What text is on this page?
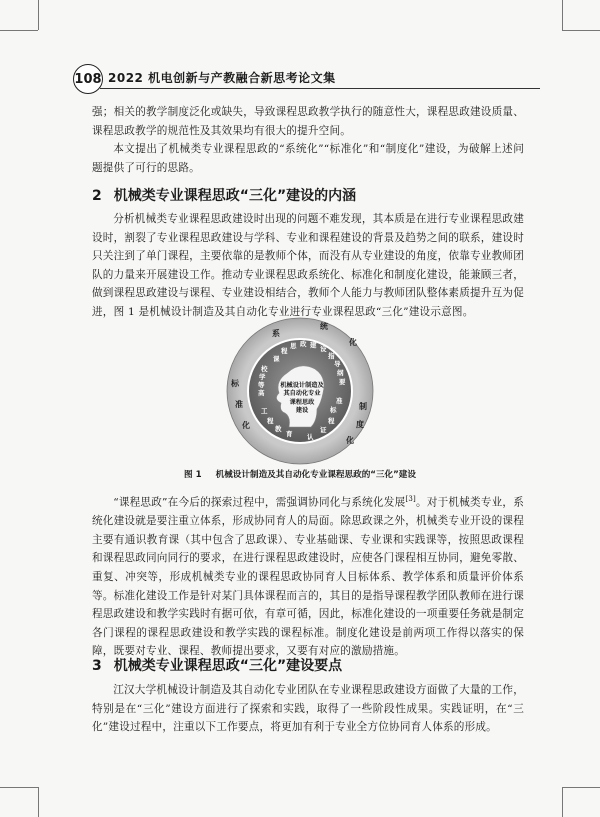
108 2022 机电创新与产教融合新思考论文集
强；相关的教学制度泛化或缺失，导致课程思政教学执行的随意性大，课程思政建设质量、课程思政教学的规范性及其效果均有很大的提升空间。
本文提出了机械类专业课程思政的“系统化”“标准化”和“制度化”建设，为破解上述问题提供了可行的思路。
2 机械类专业课程思政“三化”建设的内涵
分析机械类专业课程思政建设时出现的问题不难发现，其本质是在进行专业课程思政建设时，割裂了专业课程思政建设与学科、专业和课程建设的背景及趋势之间的联系，建设时只关注到了单门课程，主要依靠的是教师个体，而没有从专业建设的角度，依靠专业教师团队的力量来开展建设工作。推动专业课程思政系统化、标准化和制度化建设，能兼顾三者，做到课程思政建设与课程、专业建设相结合，教师个人能力与教师团队整体素质提升互为促进，图 1 是机械设计制造及其自动化专业进行专业课程思政“三化”建设示意图。
机械设计制造及
其自动化专业
课程思政
建设
系
统
化
标
准
化
制
度
化
课
程
思 政 建 设
指
导
纲
要
校
学
等
高
工
程
教
育 认
准
标
程
证
图 1 机械设计制造及其自动化专业课程思政的“三化”建设
“课程思政”在今后的探索过程中，需强调协同化与系统化发展[3]。对于机械类专业，系统化建设就是要注重立体系，形成协同育人的局面。除思政课之外，机械类专业开设的课程主要有通识教育课（其中包含了思政课）、专业基础课、专业课和实践课等，按照思政课程和课程思政同向同行的要求，在进行课程思政建设时，应使各门课程相互协同，避免零散、重复、冲突等，形成机械类专业的课程思政协同育人目标体系、教学体系和质量评价体系等。标准化建设工作是针对某门具体课程而言的，其目的是指导课程教学团队教师在进行课程思政建设和教学实践时有据可依，有章可循，因此，标准化建设的一项重要任务就是制定各门课程的课程思政建设和教学实践的课程标准。制度化建设是前两项工作得以落实的保障，既要对专业、课程、教师提出要求，又要有对应的激励措施。
3 机械类专业课程思政“三化”建设要点
江汉大学机械设计制造及其自动化专业团队在专业课程思政建设方面做了大量的工作，特别是在“三化”建设方面进行了探索和实践，取得了一些阶段性成果。实践证明，在“三化”建设过程中，注重以下工作要点，将更加有利于专业全方位协同育人体系的形成。
